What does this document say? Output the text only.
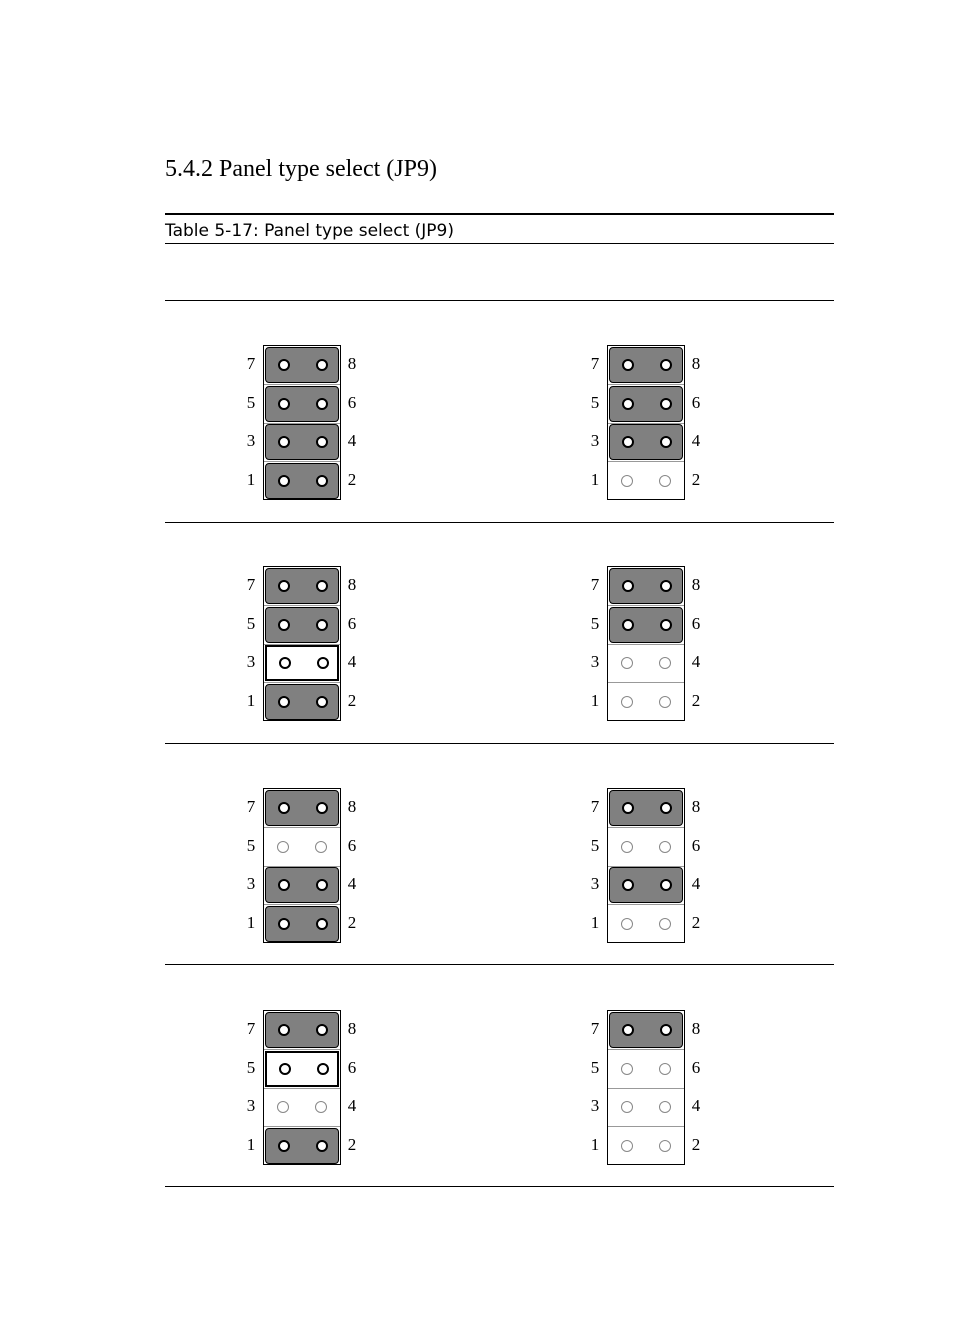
5.4.2 Panel type select (JP9)
Table 5-17: Panel type select (JP9)
7	8
5	6
3	4
1	2
7	8
5	6
3	4
1	2
7	8
5	6
3	4
1	2
7	8
5	6
3	4
1	2
7	8
5	6
3	4
1	2
7	8
5	6
3	4
1	2
7	8
5	6
3	4
1	2
7	8
5	6
3	4
1	2
